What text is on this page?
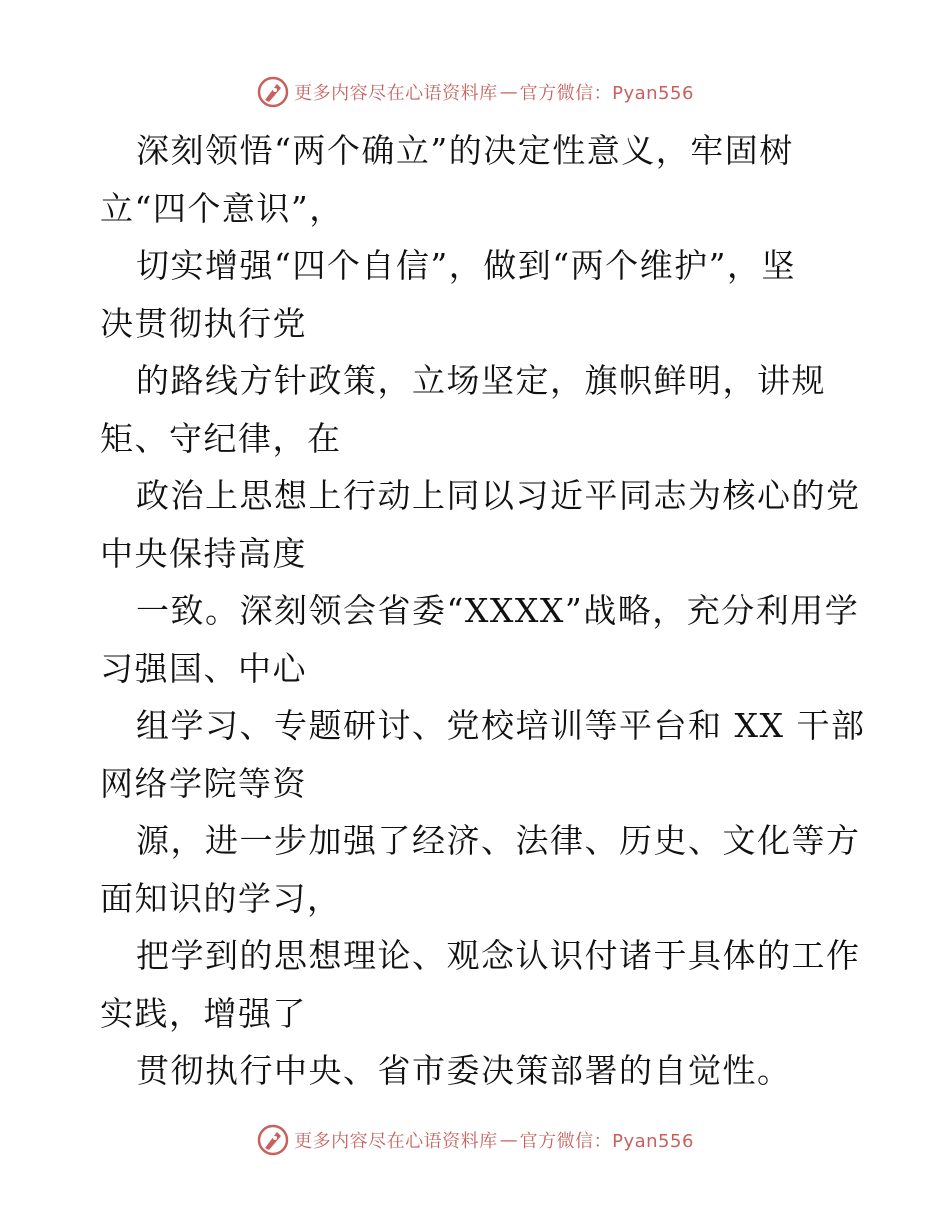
更多内容尽在心语资料库 — 官方微信：Pyan556
深刻领悟“两个确立”的决定性意义，牢固树
立“四个意识”，
切实增强“四个自信”，做到“两个维护”，坚
决贯彻执行党
的路线方针政策，立场坚定，旗帜鲜明，讲规
矩、守纪律，在
政治上思想上行动上同以习近平同志为核心的党
中央保持高度
一致。深刻领会省委“XXXX”战略，充分利用学
习强国、中心
组学习、专题研讨、党校培训等平台和 XX 干部
网络学院等资
源，进一步加强了经济、法律、历史、文化等方
面知识的学习，
把学到的思想理论、观念认识付诸于具体的工作
实践，增强了
贯彻执行中央、省市委决策部署的自觉性。
更多内容尽在心语资料库 — 官方微信：Pyan556
